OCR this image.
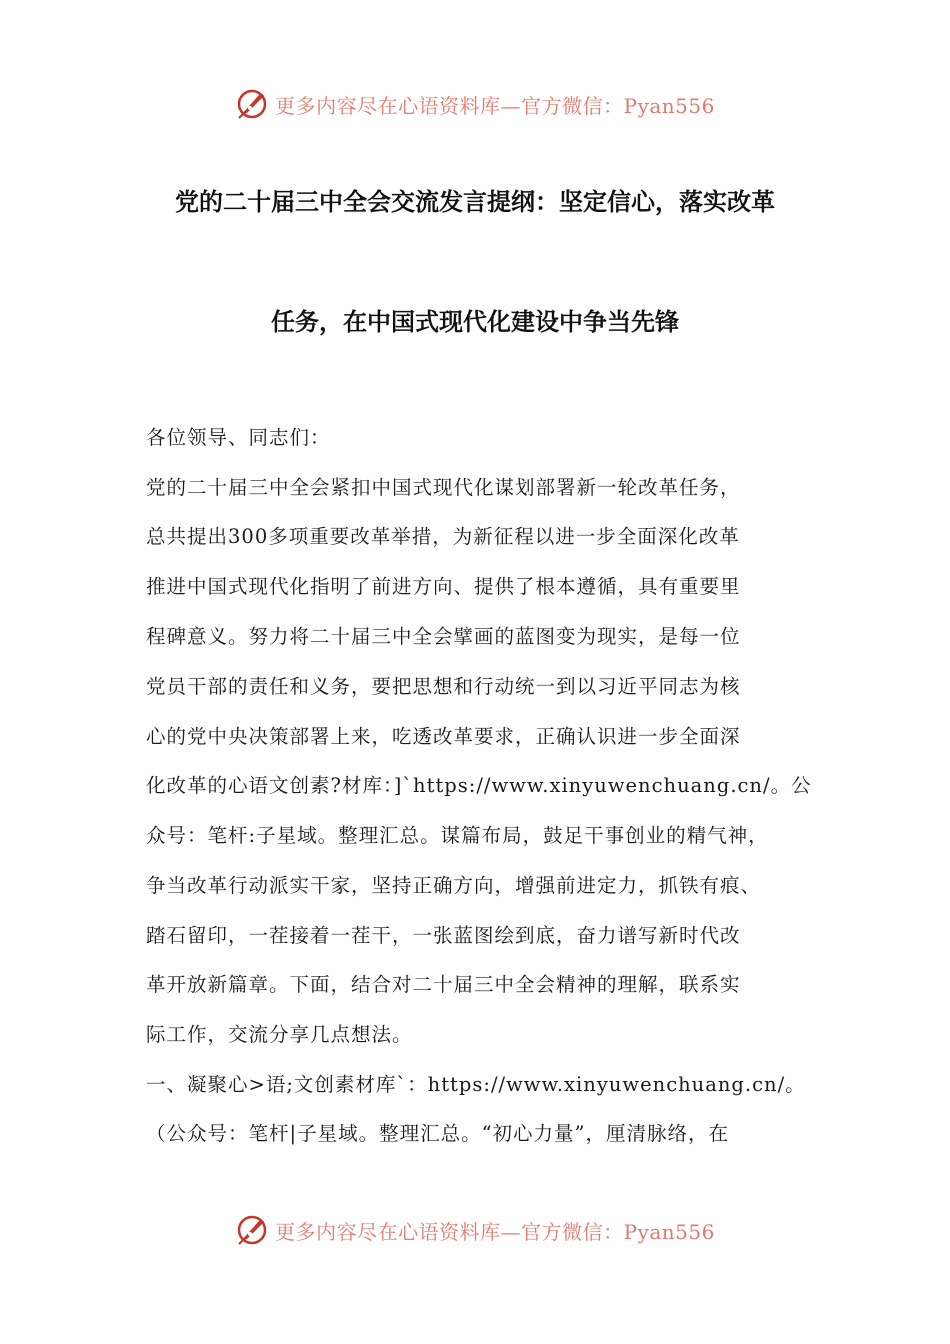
更多内容尽在心语资料库—官方微信：Pyan556
党的二十届三中全会交流发言提纲：坚定信心，落实改革
任务，在中国式现代化建设中争当先锋
各位领导、同志们：
党的二十届三中全会紧扣中国式现代化谋划部署新一轮改革任务，
总共提出300多项重要改革举措，为新征程以进一步全面深化改革
推进中国式现代化指明了前进方向、提供了根本遵循，具有重要里
程碑意义。努力将二十届三中全会擘画的蓝图变为现实，是每一位
党员干部的责任和义务，要把思想和行动统一到以习近平同志为核
心的党中央决策部署上来，吃透改革要求，正确认识进一步全面深
化改革的心语文创素?材库：]`https://www.xinyuwenchuang.cn/。公
众号：笔杆:子星域。整理汇总。谋篇布局，鼓足干事创业的精气神，
争当改革行动派实干家，坚持正确方向，增强前进定力，抓铁有痕、
踏石留印，一茬接着一茬干，一张蓝图绘到底，奋力谱写新时代改
革开放新篇章。下面，结合对二十届三中全会精神的理解，联系实
际工作，交流分享几点想法。
一、凝聚心>语;文创素材库`：https://www.xinyuwenchuang.cn/。
（公众号：笔杆|子星域。整理汇总。“初心力量”，厘清脉络，在
更多内容尽在心语资料库—官方微信：Pyan556
